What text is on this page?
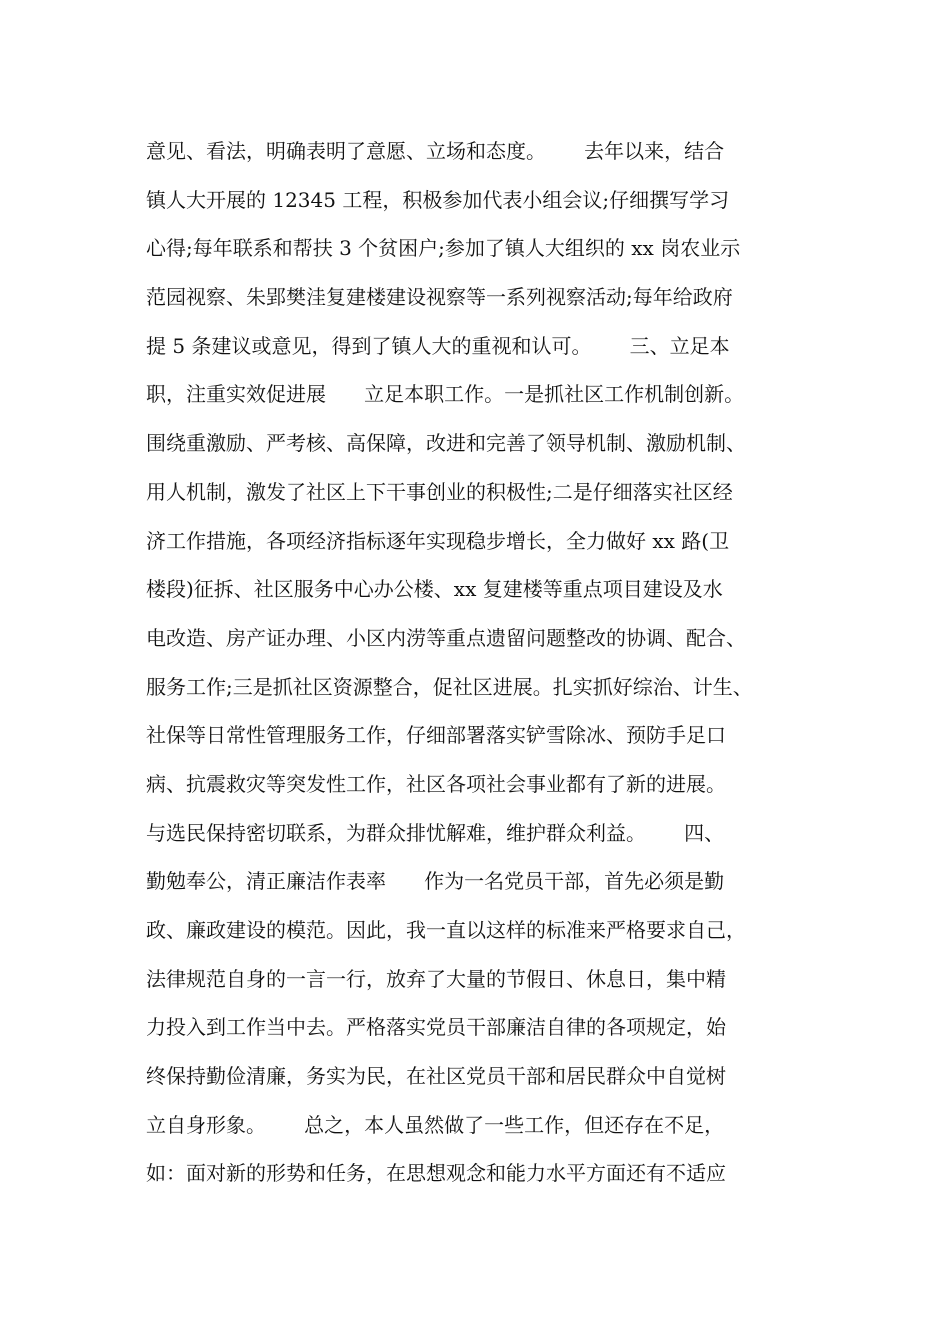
意见、看法，明确表明了意愿、立场和态度。      去年以来，结合
镇人大开展的 12345 工程，积极参加代表小组会议;仔细撰写学习
心得;每年联系和帮扶 3 个贫困户;参加了镇人大组织的 xx 岗农业示
范园视察、朱郢樊洼复建楼建设视察等一系列视察活动;每年给政府
提 5 条建议或意见，得到了镇人大的重视和认可。      三、立足本
职，注重实效促进展      立足本职工作。一是抓社区工作机制创新。
围绕重激励、严考核、高保障，改进和完善了领导机制、激励机制、
用人机制，激发了社区上下干事创业的积极性;二是仔细落实社区经
济工作措施，各项经济指标逐年实现稳步增长，全力做好 xx 路(卫
楼段)征拆、社区服务中心办公楼、xx 复建楼等重点项目建设及水
电改造、房产证办理、小区内涝等重点遗留问题整改的协调、配合、
服务工作;三是抓社区资源整合，促社区进展。扎实抓好综治、计生、
社保等日常性管理服务工作，仔细部署落实铲雪除冰、预防手足口
病、抗震救灾等突发性工作，社区各项社会事业都有了新的进展。
与选民保持密切联系，为群众排忧解难，维护群众利益。      四、
勤勉奉公，清正廉洁作表率      作为一名党员干部，首先必须是勤
政、廉政建设的模范。因此，我一直以这样的标准来严格要求自己，
法律规范自身的一言一行，放弃了大量的节假日、休息日，集中精
力投入到工作当中去。严格落实党员干部廉洁自律的各项规定，始
终保持勤俭清廉，务实为民，在社区党员干部和居民群众中自觉树
立自身形象。      总之，本人虽然做了一些工作，但还存在不足，
如：面对新的形势和任务，在思想观念和能力水平方面还有不适应
